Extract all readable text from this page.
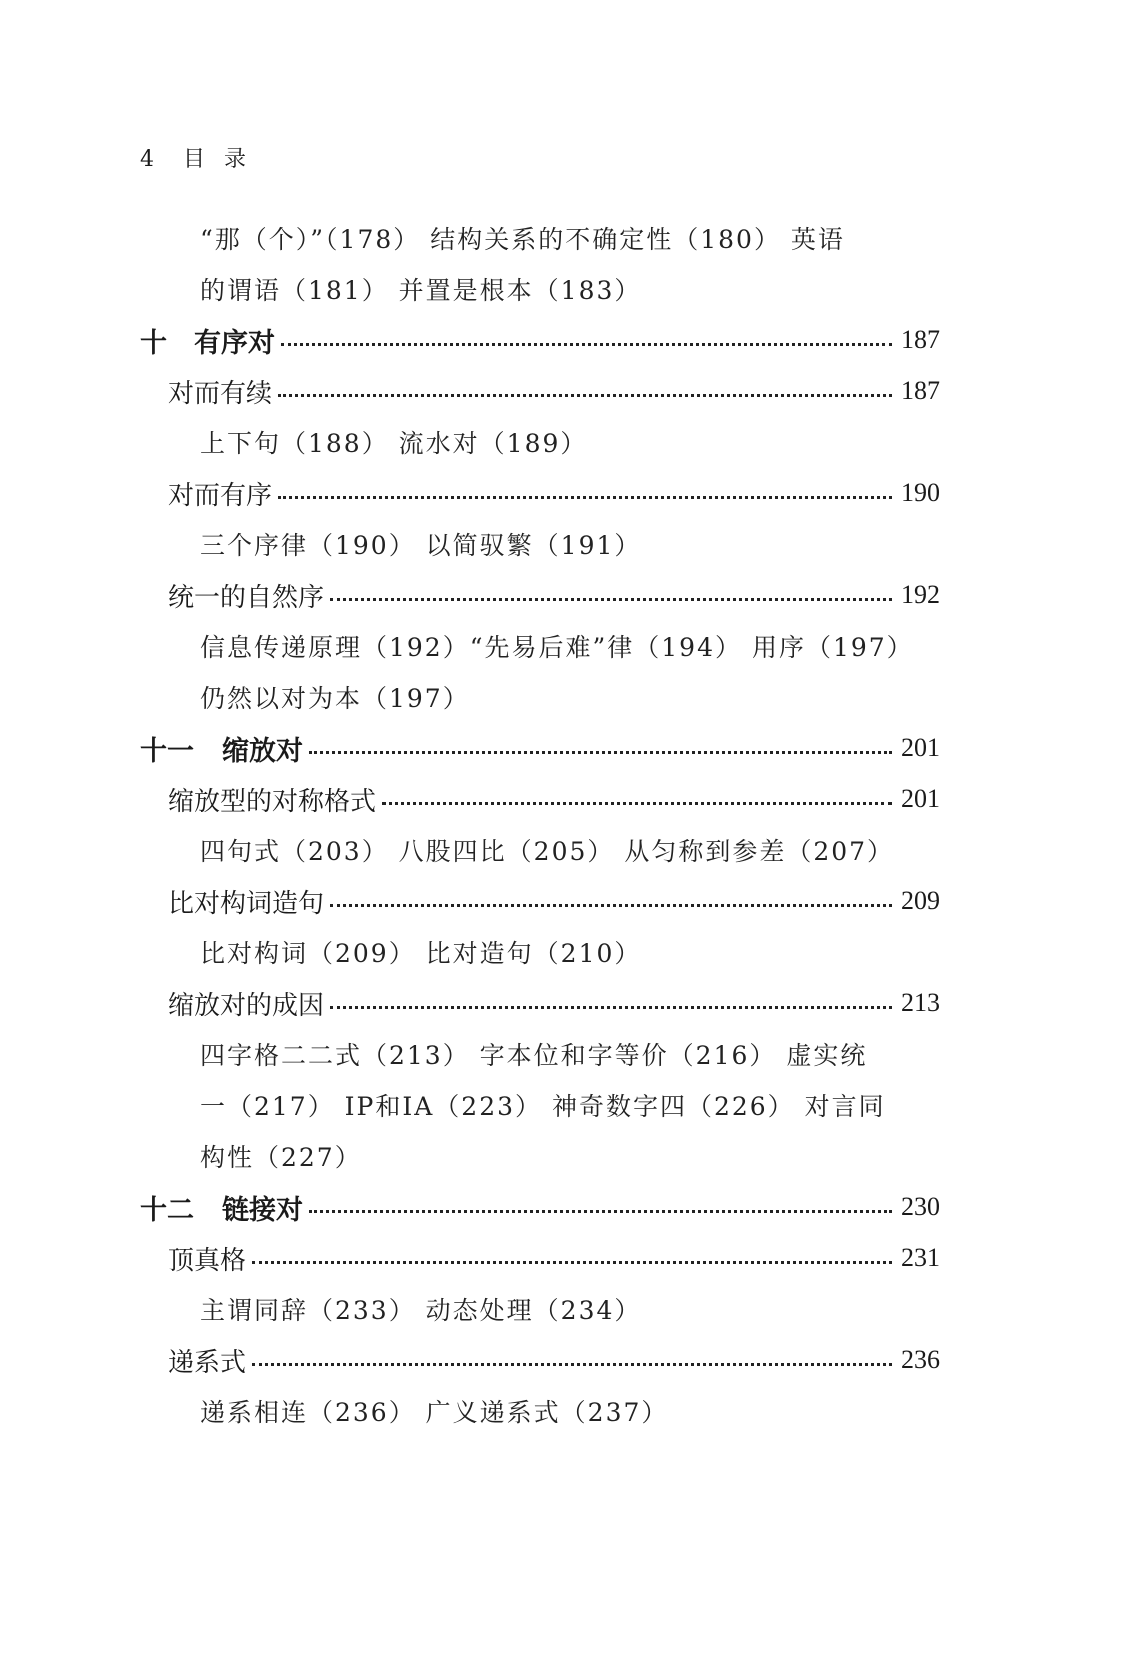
4 目 录
“那（个）”（178） 结构关系的不确定性（180） 英语
的谓语（181） 并置是根本（183）
十	有序对	187
对而有续	187
上下句（188） 流水对（189）
对而有序	190
三个序律（190） 以简驭繁（191）
统一的自然序	192
信息传递原理（192）“先易后难”律（194） 用序（197）
仍然以对为本（197）
十一	缩放对	201
缩放型的对称格式	201
四句式（203） 八股四比（205） 从匀称到参差（207）
比对构词造句	209
比对构词（209） 比对造句（210）
缩放对的成因	213
四字格二二式（213） 字本位和字等价（216） 虚实统
一（217） IP和IA（223） 神奇数字四（226） 对言同
构性（227）
十二	链接对	230
顶真格	231
主谓同辞（233） 动态处理（234）
递系式	236
递系相连（236） 广义递系式（237）
